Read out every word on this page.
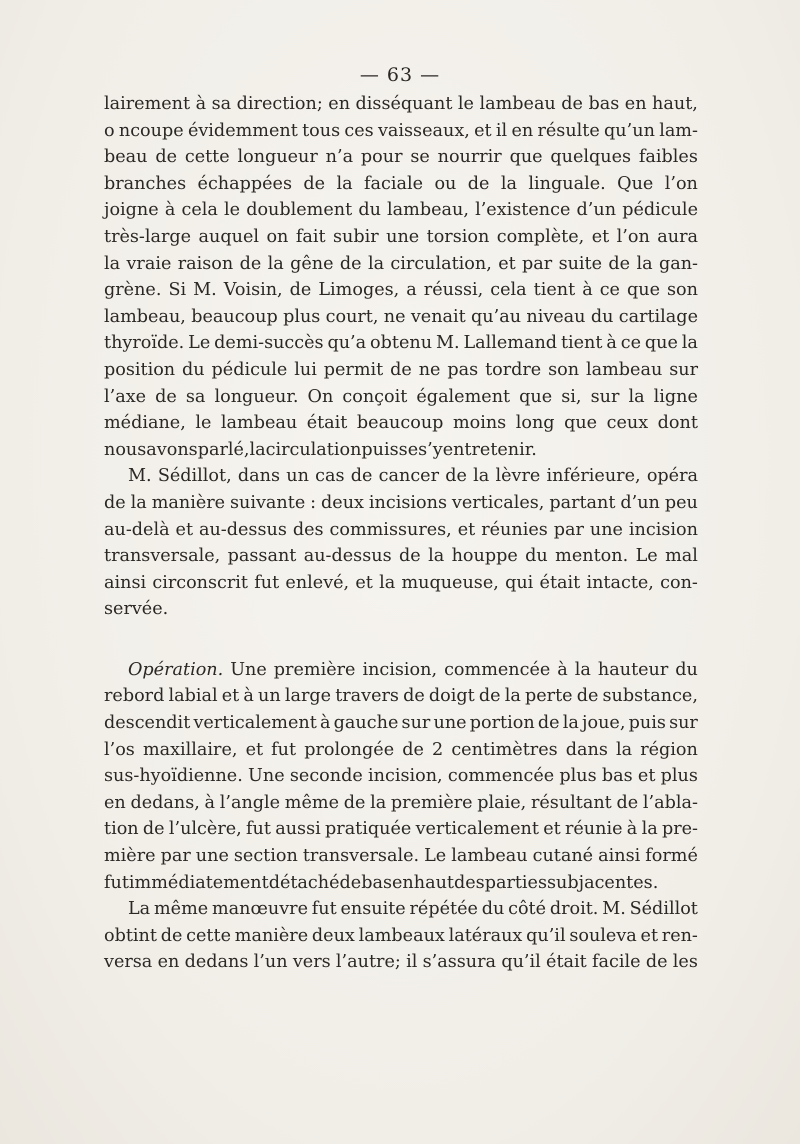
— 63 —
lairement à sa direction; en disséquant le lambeau de bas en haut,
o ncoupe évidemment tous ces vaisseaux, et il en résulte qu’un lam-
beau de cette longueur n’a pour se nourrir que quelques faibles
branches échappées de la faciale ou de la linguale. Que l’on
joigne à cela le doublement du lambeau, l’existence d’un pédicule
très-large auquel on fait subir une torsion complète, et l’on aura
la vraie raison de la gêne de la circulation, et par suite de la gan-
grène. Si M. Voisin, de Limoges, a réussi, cela tient à ce que son
lambeau, beaucoup plus court, ne venait qu’au niveau du cartilage
thyroïde. Le demi-succès qu’a obtenu M. Lallemand tient à ce que la
position du pédicule lui permit de ne pas tordre son lambeau sur
l’axe de sa longueur. On conçoit également que si, sur la ligne
médiane, le lambeau était beaucoup moins long que ceux dont
nous avons parlé, la circulation puisse s’y entretenir.
M. Sédillot, dans un cas de cancer de la lèvre inférieure, opéra
de la manière suivante : deux incisions verticales, partant d’un peu
au-delà et au-dessus des commissures, et réunies par une incision
transversale, passant au-dessus de la houppe du menton. Le mal
ainsi circonscrit fut enlevé, et la muqueuse, qui était intacte, con-
servée.
Opération. Une première incision, commencée à la hauteur du
rebord labial et à un large travers de doigt de la perte de substance,
descendit verticalement à gauche sur une portion de la joue, puis sur
l’os maxillaire, et fut prolongée de 2 centimètres dans la région
sus-hyoïdienne. Une seconde incision, commencée plus bas et plus
en dedans, à l’angle même de la première plaie, résultant de l’abla-
tion de l’ulcère, fut aussi pratiquée verticalement et réunie à la pre-
mière par une section transversale. Le lambeau cutané ainsi formé
fut immédiatement détaché de bas en haut des parties subjacentes.
La même manœuvre fut ensuite répétée du côté droit. M. Sédillot
obtint de cette manière deux lambeaux latéraux qu’il souleva et ren-
versa en dedans l’un vers l’autre; il s’assura qu’il était facile de les
